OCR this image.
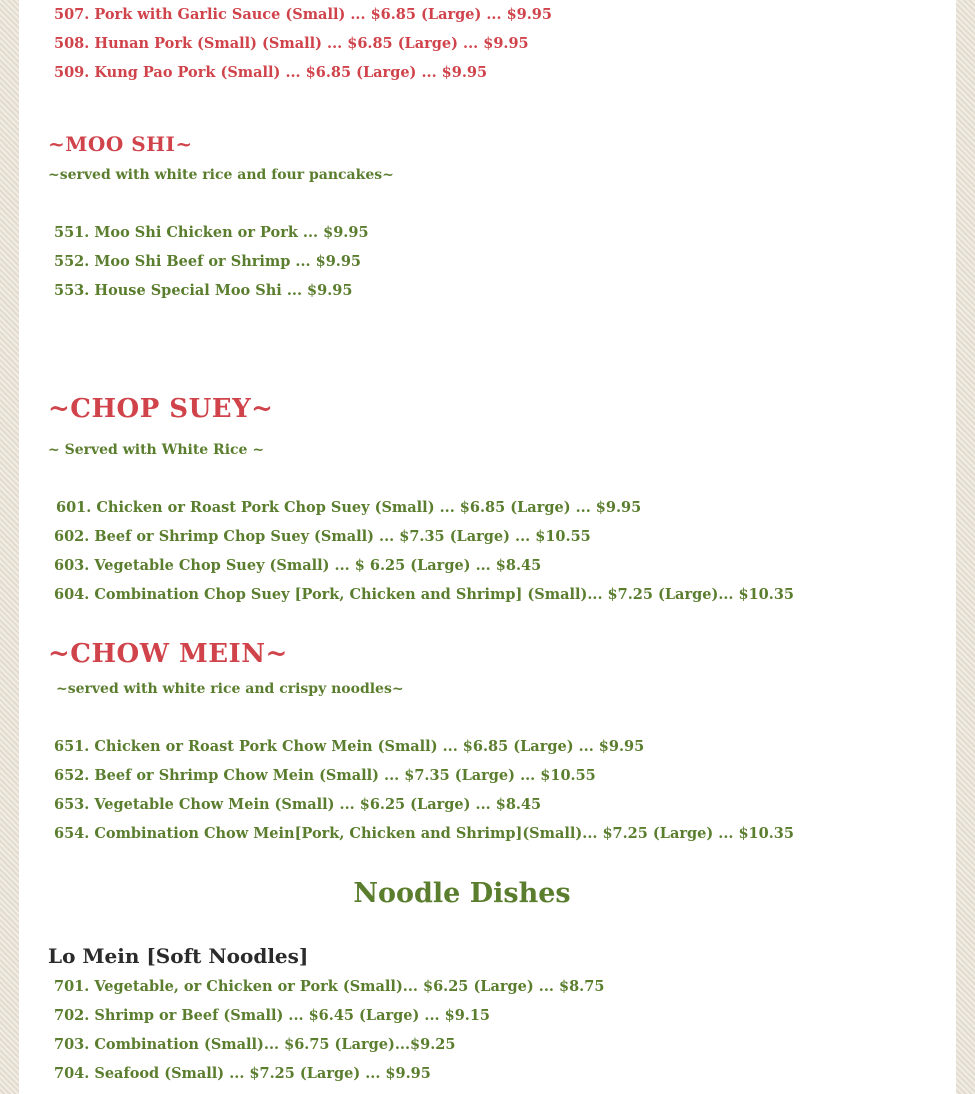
507. Pork with Garlic Sauce (Small) ... $6.85 (Large) ... $9.95
508. Hunan Pork (Small) (Small) ... $6.85 (Large) ... $9.95
509. Kung Pao Pork (Small) ... $6.85 (Large) ... $9.95
~MOO SHI~
~served with white rice and four pancakes~
551. Moo Shi Chicken or Pork ... $9.95
552. Moo Shi Beef or Shrimp ... $9.95
553. House Special Moo Shi ... $9.95
~CHOP SUEY~
~ Served with White Rice ~
601. Chicken or Roast Pork Chop Suey (Small) ... $6.85 (Large) ... $9.95
602. Beef or Shrimp Chop Suey (Small) ... $7.35 (Large) ... $10.55
603. Vegetable Chop Suey (Small) ... $ 6.25 (Large) ... $8.45
604. Combination Chop Suey [Pork, Chicken and Shrimp] (Small)... $7.25 (Large)... $10.35
~CHOW MEIN~
~served with white rice and crispy noodles~
651. Chicken or Roast Pork Chow Mein (Small) ... $6.85 (Large) ... $9.95
652. Beef or Shrimp Chow Mein (Small) ... $7.35 (Large) ... $10.55
653. Vegetable Chow Mein (Small) ... $6.25 (Large) ... $8.45
654. Combination Chow Mein[Pork, Chicken and Shrimp](Small)... $7.25 (Large) ... $10.35
Noodle Dishes
Lo Mein [Soft Noodles]
701. Vegetable, or Chicken or Pork (Small)... $6.25 (Large) ... $8.75
702. Shrimp or Beef (Small) ... $6.45 (Large) ... $9.15
703. Combination (Small)... $6.75 (Large)...$9.25
704. Seafood (Small) ... $7.25 (Large) ... $9.95
